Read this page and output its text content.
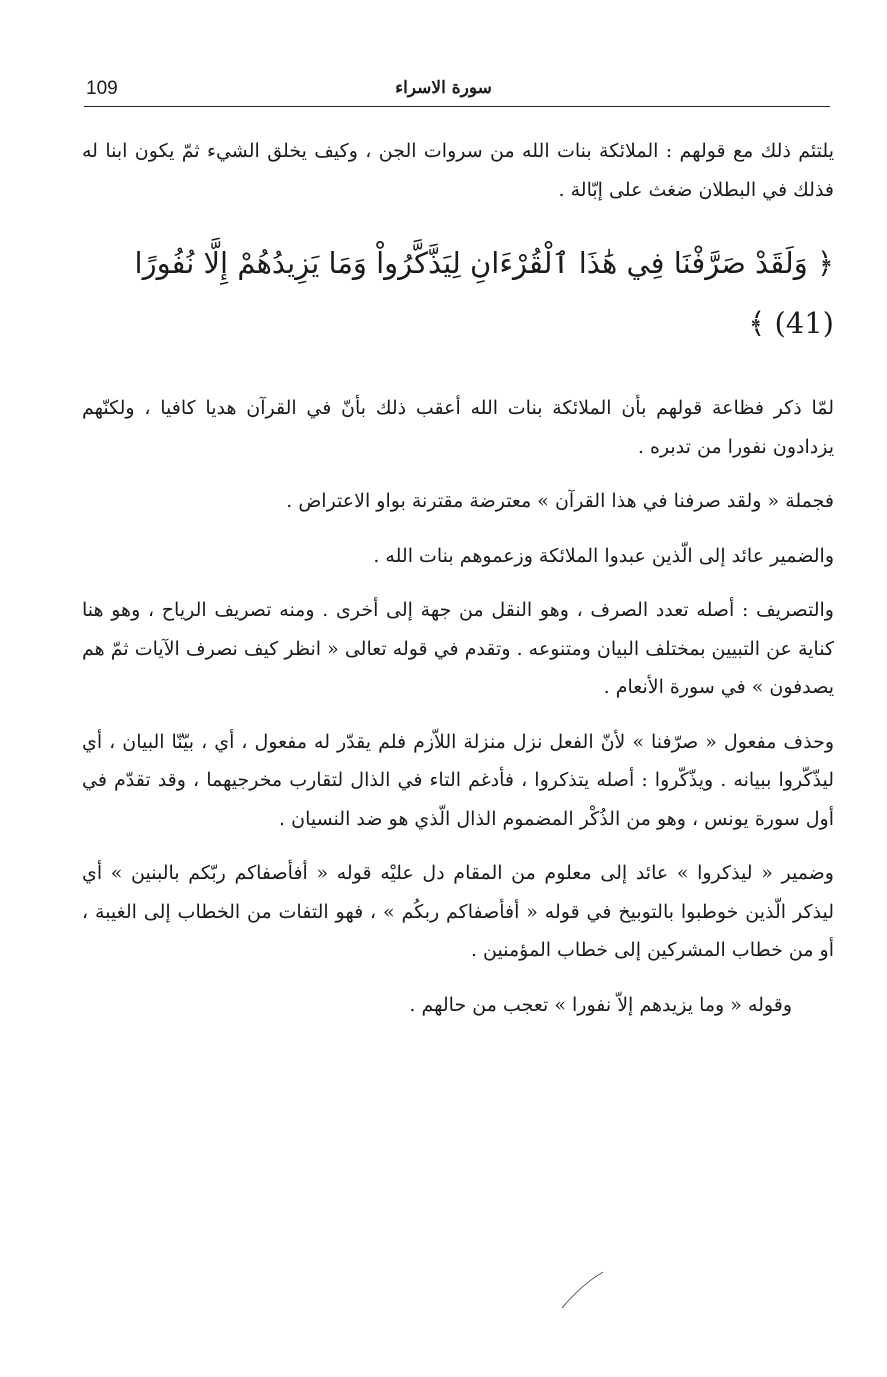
109	سورة الاسراء

يلتئم ذلك مع قولهم : الملائكة بنات الله من سروات الجن ، وكيف يخلق الشيء ثمّ يكون ابنا له فذلك في البطلان ضغث على إبّالة .

﴿ وَلَقَدْ صَرَّفْنَا فِي هَٰذَا ٱلْقُرْءَانِ لِيَذَّكَّرُواْ وَمَا يَزِيدُهُمْ إِلَّا نُفُورًا (41) ﴾

لمّا ذكر فظاعة قولهم بأن الملائكة بنات الله أعقب ذلك بأنّ في القرآن هديا كافيا ، ولكنّهم يزدادون نفورا من تدبره .

فجملة « ولقد صرفنا في هذا القرآن » معترضة مقترنة بواو الاعتراض .

والضمير عائد إلى الّذين عبدوا الملائكة وزعموهم بنات الله .

والتصريف : أصله تعدد الصرف ، وهو النقل من جهة إلى أخرى . ومنه تصريف الرياح ، وهو هنا كناية عن التبيين بمختلف البيان ومتنوعه . وتقدم في قوله تعالى « انظر كيف نصرف الآيات ثمّ هم يصدفون » في سورة الأنعام .

وحذف مفعول « صرّفنا » لأنّ الفعل نزل منزلة اللاّزم فلم يقدّر له مفعول ، أي ، بيّنّا البيان ، أي ليذّكّروا ببيانه . ويذّكّروا : أصله يتذكروا ، فأدغم التاء في الذال لتقارب مخرجيهما ، وقد تقدّم في أول سورة يونس ، وهو من الذُكْر المضموم الذال الّذي هو ضد النسيان .

وضمير « ليذكروا » عائد إلى معلوم من المقام دل عليْه قوله « أفأصفاكم ربّكم بالبنين » أي ليذكر الّذين خوطبوا بالتوبيخ في قوله « أفأصفاكم ربكُم » ، فهو التفات من الخطاب إلى الغيبة ، أو من خطاب المشركين إلى خطاب المؤمنين .

وقوله « وما يزيدهم إلاّ نفورا » تعجب من حالهم .
